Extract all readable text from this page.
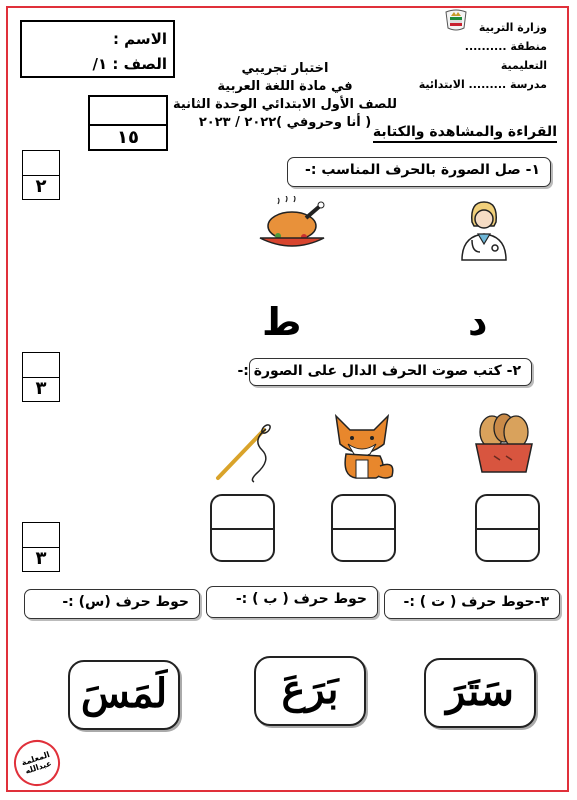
وزارة التربية
منطقة .......... التعليمية
مدرسة ......... الابتدائية
الاسم :
الصف : ١/	اختبار تجريبي
في مادة اللغة العربية
للصف الأول الابتدائي الوحدة الثانية
( أنا وحروفي )٢٠٢٢ / ٢٠٢٣
١٥	القراءة والمشاهدة والكتابة
٢
١- صل الصورة بالحرف المناسب :-
د
ط
٣
٢- كتب صوت الحرف الدال على الصورة :-
٣
٣-حوط حرف ( ت ) :-
حوط حرف ( ب ) :-
حوط حرف (س) :-
سَتَرَ
بَرَعَ
لَمَسَ
المعلمة عبدالله
